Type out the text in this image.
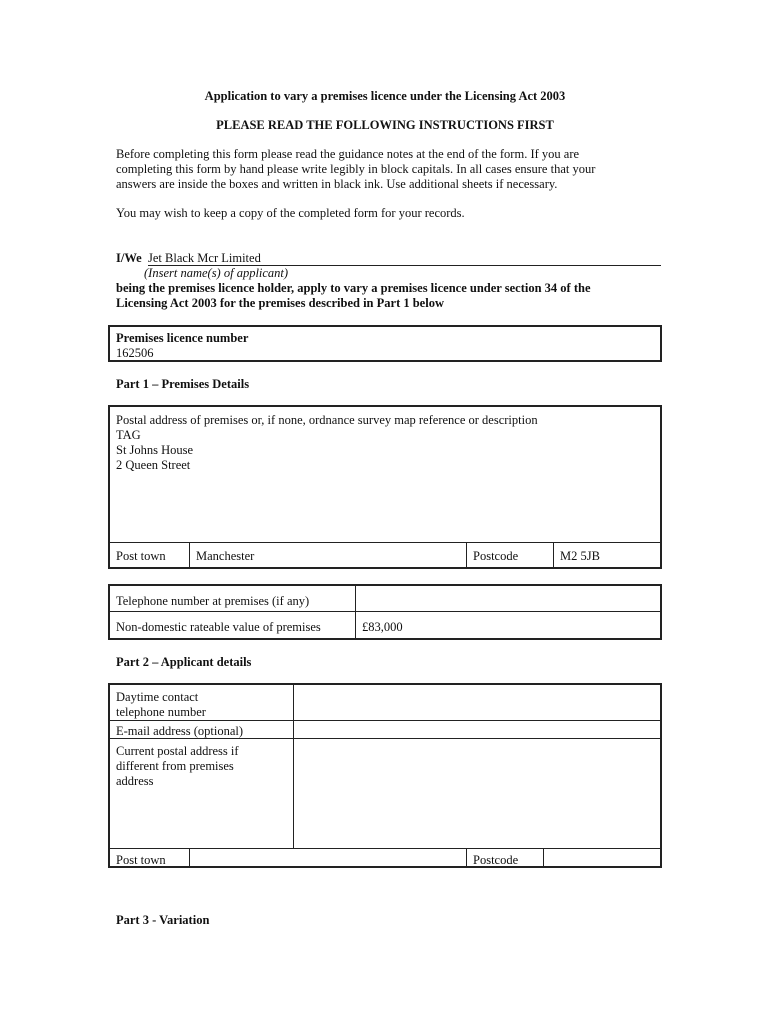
Application to vary a premises licence under the Licensing Act 2003
PLEASE READ THE FOLLOWING INSTRUCTIONS FIRST
Before completing this form please read the guidance notes at the end of the form. If you are
completing this form by hand please write legibly in block capitals. In all cases ensure that your
answers are inside the boxes and written in black ink. Use additional sheets if necessary.
You may wish to keep a copy of the completed form for your records.
I/We Jet Black Mcr Limited
(Insert name(s) of applicant)
being the premises licence holder, apply to vary a premises licence under section 34 of the
Licensing Act 2003 for the premises described in Part 1 below
Premises licence number
162506
Part 1 – Premises Details
Postal address of premises or, if none, ordnance survey map reference or description
TAG
St Johns House
2 Queen Street
Post town	Manchester	Postcode	M2 5JB
Telephone number at premises (if any)
Non-domestic rateable value of premises	£83,000
Part 2 – Applicant details
Daytime contact
telephone number
E-mail address (optional)
Current postal address if
different from premises
address
Post town	Postcode
Part 3 - Variation
